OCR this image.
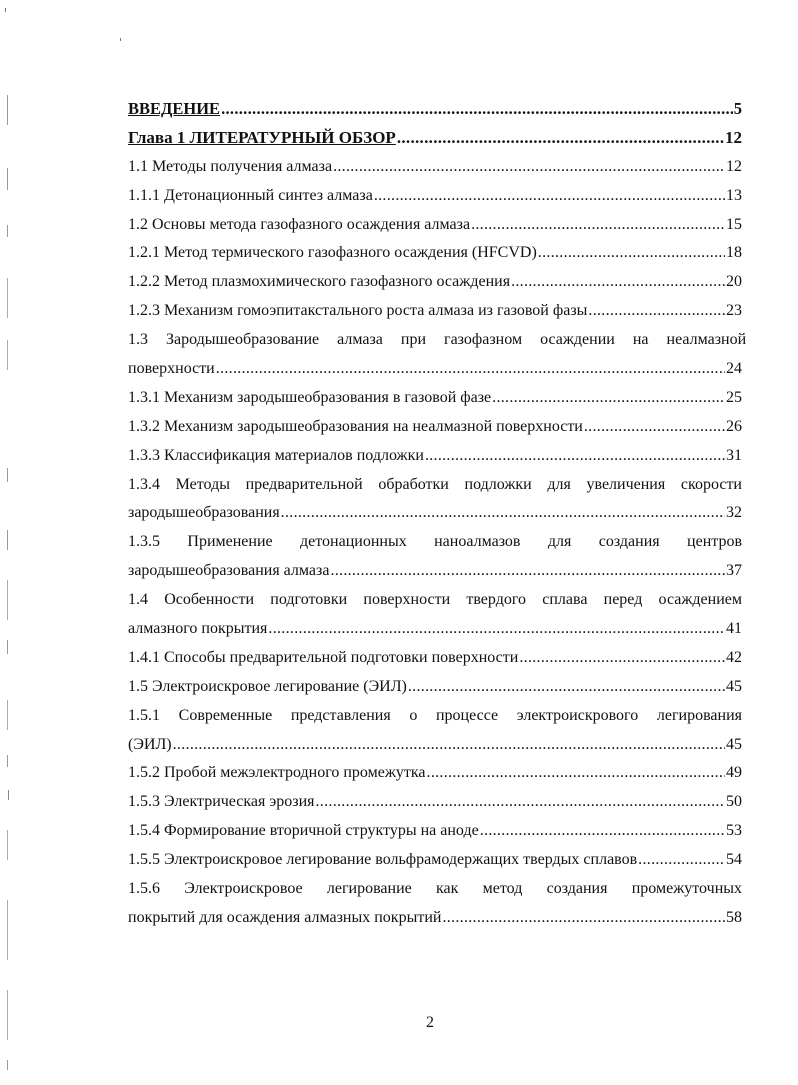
ВВЕДЕНИЕ .....	5
Глава 1 ЛИТЕРАТУРНЫЙ ОБЗОР .....	12
1.1 Методы получения алмаза .....	12
1.1.1 Детонационный синтез алмаза .....	13
1.2 Основы метода газофазного осаждения алмаза .....	15
1.2.1 Метод термического газофазного осаждения (HFCVD) .....	18
1.2.2 Метод плазмохимического газофазного осаждения .....	20
1.2.3 Механизм гомоэпитакстального роста алмаза из газовой фазы .....	23
1.3 Зародышеобразование алмаза при газофазном осаждении на неалмазной
поверхности .....	24
1.3.1 Механизм зародышеобразования в газовой фазе .....	25
1.3.2 Механизм зародышеобразования на неалмазной поверхности .....	26
1.3.3 Классификация материалов подложки .....	31
1.3.4 Методы предварительной обработки подложки для увеличения скорости
зародышеобразования .....	32
1.3.5 Применение детонационных наноалмазов для создания центров
зародышеобразования алмаза .....	37
1.4 Особенности подготовки поверхности твердого сплава перед осаждением
алмазного покрытия .....	41
1.4.1 Способы предварительной подготовки поверхности .....	42
1.5 Электроискровое легирование (ЭИЛ) .....	45
1.5.1 Современные представления о процессе электроискрового легирования
(ЭИЛ) .....	45
1.5.2 Пробой межэлектродного промежутка .....	49
1.5.3 Электрическая эрозия .....	50
1.5.4 Формирование вторичной структуры на аноде .....	53
1.5.5 Электроискровое легирование вольфрамодержащих твердых сплавов .....	54
1.5.6 Электроискровое легирование как метод создания промежуточных
покрытий для осаждения алмазных покрытий .....	58
2
